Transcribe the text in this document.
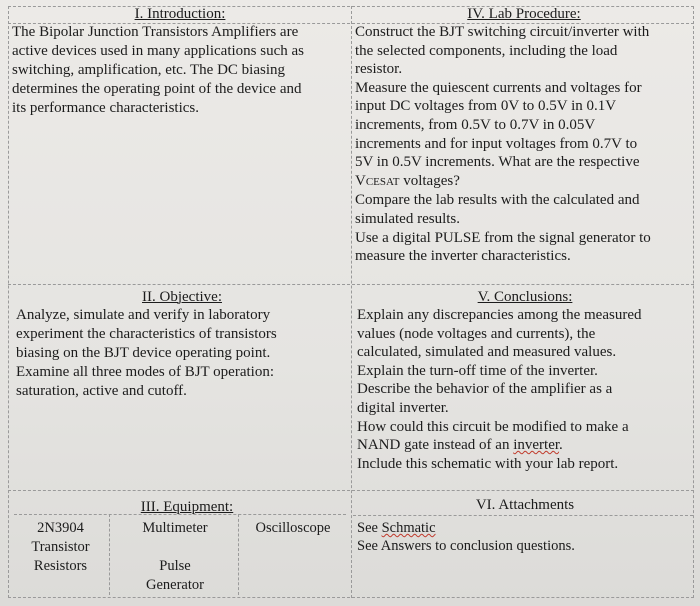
I. Introduction:

The Bipolar Junction Transistors Amplifiers are

active devices used in many applications such as

switching, amplification, etc. The DC biasing

determines the operating point of the device and

its performance characteristics.

IV. Lab Procedure:

Construct the BJT switching circuit/inverter with

the selected components, including the load

resistor.

Measure the quiescent currents and voltages for

input DC voltages from 0V to 0.5V in 0.1V

increments, from 0.5V to 0.7V in 0.05V

increments and for input voltages from 0.7V to

5V in 0.5V increments. What are the respective

VCESAT voltages?

Compare the lab results with the calculated and

simulated results.

Use a digital PULSE from the signal generator to

measure the inverter characteristics.

II. Objective:

Analyze, simulate and verify in laboratory

experiment the characteristics of transistors

biasing on the BJT device operating point.

Examine all three modes of BJT operation:

saturation, active and cutoff.

V. Conclusions:

Explain any discrepancies among the measured

values (node voltages and currents), the

calculated, simulated and measured values.

Explain the turn-off time of the inverter.

Describe the behavior of the amplifier as a

digital inverter.

How could this circuit be modified to make a

NAND gate instead of an inverter.

Include this schematic with your lab report.

III. Equipment:
2N3904
Transistor
Resistors
Multimeter
Pulse
Generator
Oscilloscope
VI. Attachments

See Schmatic

See Answers to conclusion questions.
